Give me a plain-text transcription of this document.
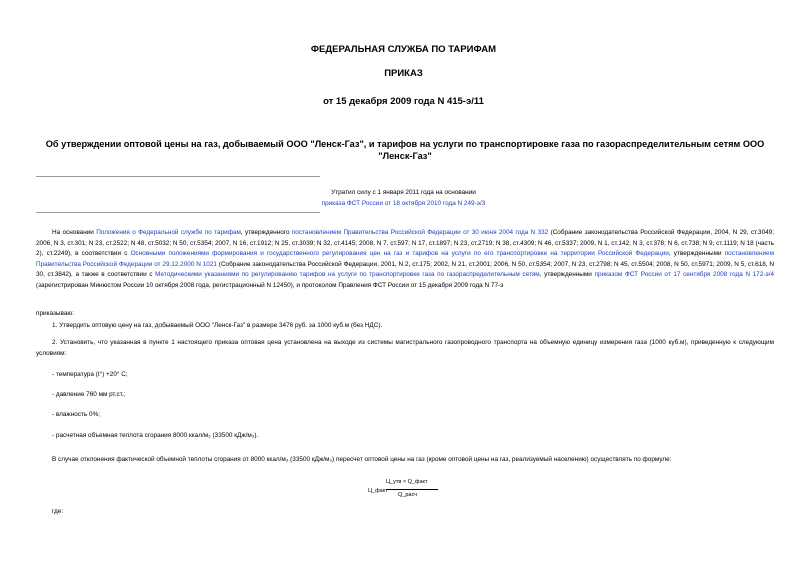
ФЕДЕРАЛЬНАЯ СЛУЖБА ПО ТАРИФАМ
ПРИКАЗ
от 15 декабря 2009 года N 415-э/11
Об утверждении оптовой цены на газ, добываемый ООО "Ленск-Газ", и тарифов на услуги по транспортировке газа по газораспределительным сетям ООО "Ленск-Газ"
Утратил силу с 1 января 2011 года на основании
приказа ФСТ России от 18 октября 2010 года N 249-э/3
На основании Положения о Федеральной службе по тарифам, утвержденного постановлением Правительства Российской Федерации от 30 июня 2004 года N 332 (Собрание законодательства Российской Федерации, 2004, N 29, ст.3049; 2006, N 3, ст.301; N 23, ст.2522; N 48, ст.5032; N 50, ст.5354; 2007, N 16, ст.1912; N 25, ст.3039; N 32, ст.4145; 2008, N 7, ст.597; N 17, ст.1897; N 23, ст.2719; N 38, ст.4309; N 46, ст.5337; 2009, N 1, ст.142; N 3, ст.378; N 6, ст.738; N 9, ст.1119; N 18 (часть 2), ст.2249), в соответствии с Основными положениями формирования и государственного регулирования цен на газ и тарифов на услуги по его транспортировке на территории Российской Федерации, утвержденными постановлением Правительства Российской Федерации от 29.12.2000 N 1021 (Собрание законодательства Российской Федерации, 2001, N 2, ст.175; 2002, N 21, ст.2001; 2006, N 50, ст.5354; 2007, N 23, ст.2798; N 45, ст.5504; 2008, N 50, ст.5971; 2009, N 5, ст.618, N 30, ст.3842), а также в соответствии с Методическими указаниями по регулированию тарифов на услуги по транспортировке газа по газораспределительным сетям, утвержденными приказом ФСТ России от 17 сентября 2008 года N 172-э/4 (зарегистрирован Минюстом России 10 октября 2008 года, регистрационный N 12450), и протоколом Правления ФСТ России от 15 декабря 2009 года N 77-э
приказываю:
1. Утвердить оптовую цену на газ, добываемый ООО "Ленск-Газ" в размере 3476 руб. за 1000 куб.м (без НДС).
2. Установить, что указанная в пункте 1 настоящего приказа оптовая цена установлена на выходе из системы магистрального газопроводного транспорта на объемную единицу измерения газа (1000 куб.м), приведенную к следующим условиям:
- температура (t°) +20° С;
- давление 760 мм рт.ст.;
- влажность 0%;
- расчетная объемная теплота сгорания 8000 ккал/м₃ (33500 кДж/м₃).
В случае отклонения фактической объемной теплоты сгорания от 8000 ккал/м₃ (33500 кДж/м₃) пересчет оптовой цены на газ (кроме оптовой цены на газ, реализуемый населению) осуществлять по формуле:
Ц_факт
Ц_утв × Q_факт
Q_расч
где:
